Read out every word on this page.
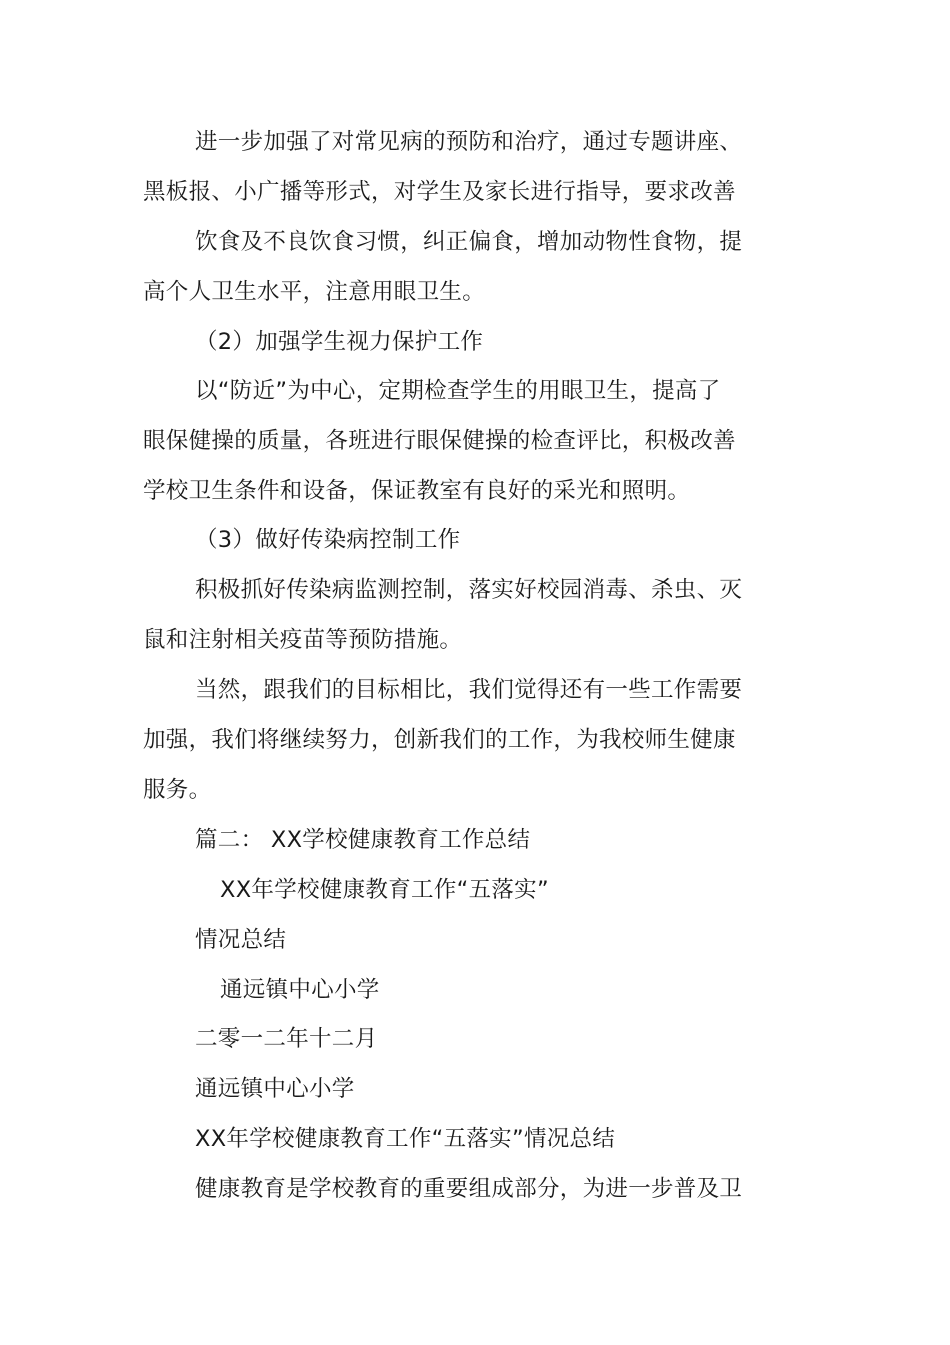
进一步加强了对常见病的预防和治疗，通过专题讲座、
黑板报、小广播等形式，对学生及家长进行指导，要求改善
饮食及不良饮食习惯，纠正偏食，增加动物性食物，提
高个人卫生水平，注意用眼卫生。
（2）加强学生视力保护工作
以“防近”为中心，定期检查学生的用眼卫生，提高了
眼保健操的质量，各班进行眼保健操的检查评比，积极改善
学校卫生条件和设备，保证教室有良好的采光和照明。
（3）做好传染病控制工作
积极抓好传染病监测控制，落实好校园消毒、杀虫、灭
鼠和注射相关疫苗等预防措施。
当然，跟我们的目标相比，我们觉得还有一些工作需要
加强，我们将继续努力，创新我们的工作，为我校师生健康
服务。
篇二： XX学校健康教育工作总结
XX年学校健康教育工作“五落实”
情况总结
通远镇中心小学
二零一二年十二月
通远镇中心小学
XX年学校健康教育工作“五落实”情况总结
健康教育是学校教育的重要组成部分，为进一步普及卫
